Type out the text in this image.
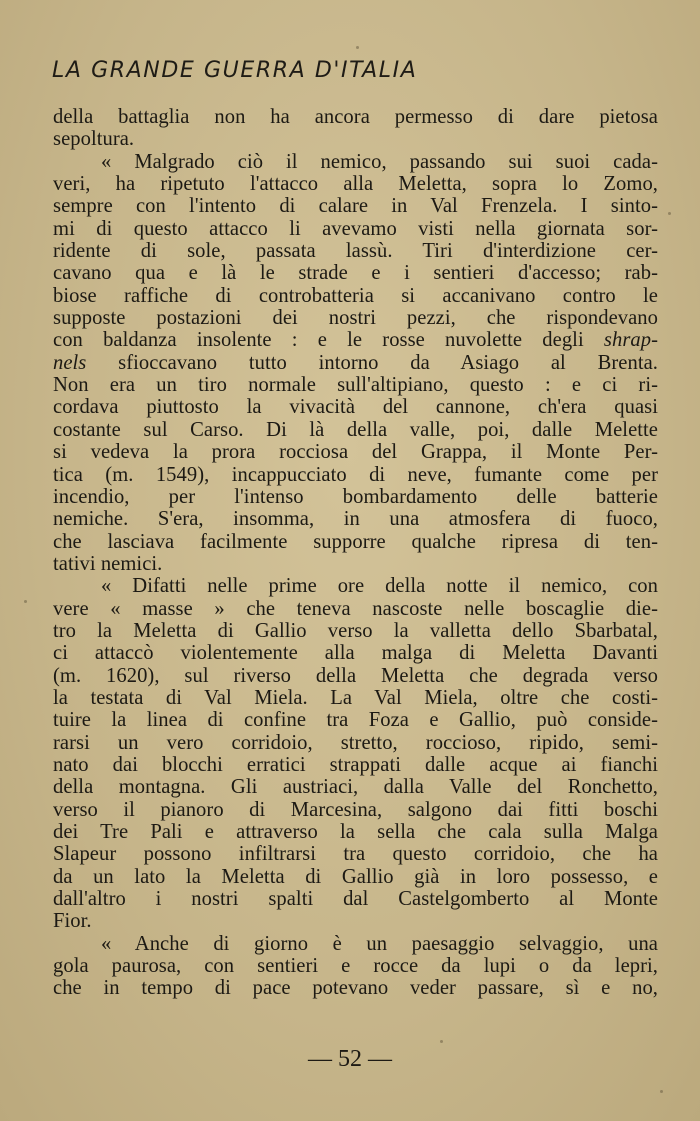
LA GRANDE GUERRA D'ITALIA
della battaglia non ha ancora permesso di dare pietosa
sepoltura.
« Malgrado ciò il nemico, passando sui suoi cada-
veri, ha ripetuto l'attacco alla Meletta, sopra lo Zomo,
sempre con l'intento di calare in Val Frenzela. I sinto-
mi di questo attacco li avevamo visti nella giornata sor-
ridente di sole, passata lassù. Tiri d'interdizione cer-
cavano qua e là le strade e i sentieri d'accesso; rab-
biose raffiche di controbatteria si accanivano contro le
supposte postazioni dei nostri pezzi, che rispondevano
con baldanza insolente : e le rosse nuvolette degli shrap-
nels sfioccavano tutto intorno da Asiago al Brenta.
Non era un tiro normale sull'altipiano, questo : e ci ri-
cordava piuttosto la vivacità del cannone, ch'era quasi
costante sul Carso. Di là della valle, poi, dalle Melette
si vedeva la prora rocciosa del Grappa, il Monte Per-
tica (m. 1549), incappucciato di neve, fumante come per
incendio, per l'intenso bombardamento delle batterie
nemiche. S'era, insomma, in una atmosfera di fuoco,
che lasciava facilmente supporre qualche ripresa di ten-
tativi nemici.
« Difatti nelle prime ore della notte il nemico, con
vere « masse » che teneva nascoste nelle boscaglie die-
tro la Meletta di Gallio verso la valletta dello Sbarbatal,
ci attaccò violentemente alla malga di Meletta Davanti
(m. 1620), sul riverso della Meletta che degrada verso
la testata di Val Miela. La Val Miela, oltre che costi-
tuire la linea di confine tra Foza e Gallio, può conside-
rarsi un vero corridoio, stretto, roccioso, ripido, semi-
nato dai blocchi erratici strappati dalle acque ai fianchi
della montagna. Gli austriaci, dalla Valle del Ronchetto,
verso il pianoro di Marcesina, salgono dai fitti boschi
dei Tre Pali e attraverso la sella che cala sulla Malga
Slapeur possono infiltrarsi tra questo corridoio, che ha
da un lato la Meletta di Gallio già in loro possesso, e
dall'altro i nostri spalti dal Castelgomberto al Monte
Fior.
« Anche di giorno è un paesaggio selvaggio, una
gola paurosa, con sentieri e rocce da lupi o da lepri,
che in tempo di pace potevano veder passare, sì e no,
— 52 —
